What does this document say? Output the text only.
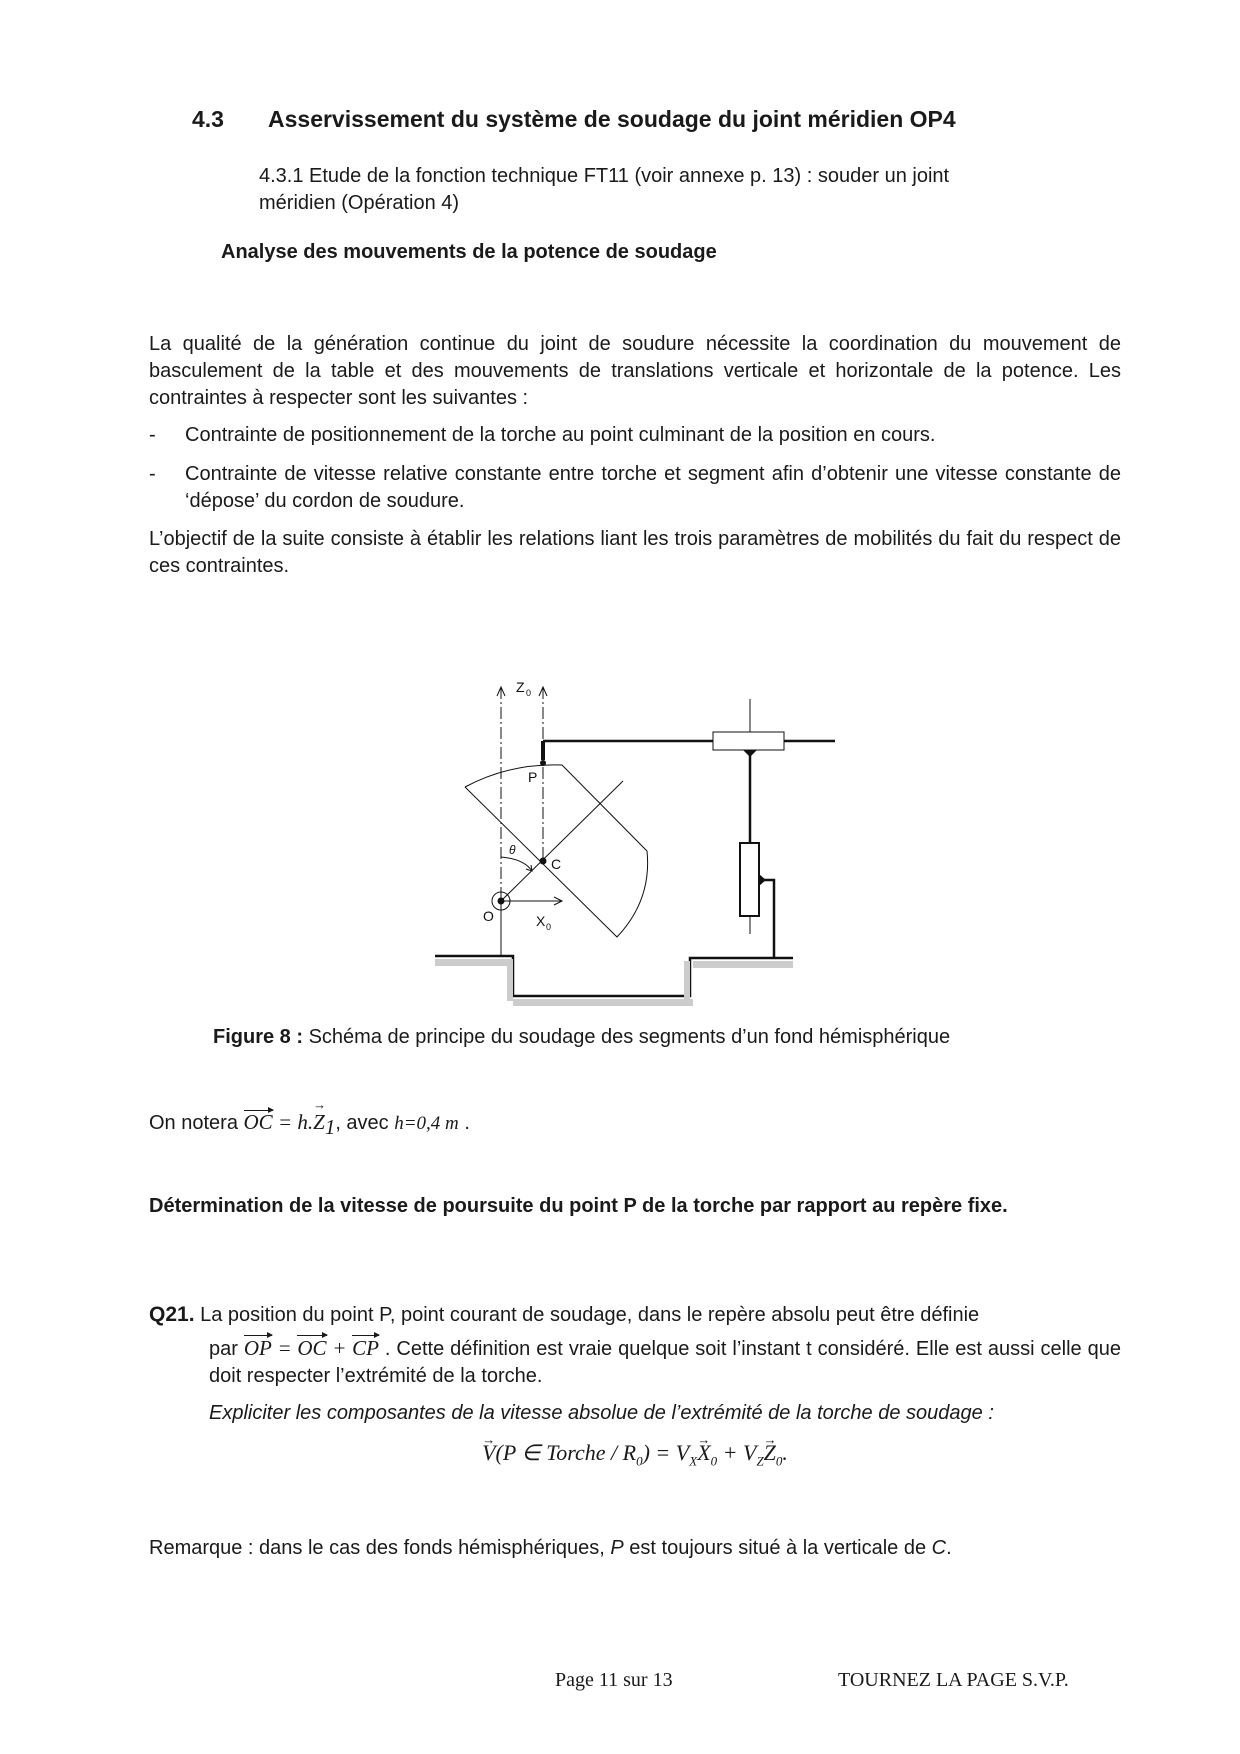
4.3 Asservissement du système de soudage du joint méridien OP4
4.3.1 Etude de la fonction technique FT11 (voir annexe p. 13) : souder un joint
méridien (Opération 4)
Analyse des mouvements de la potence de soudage
La qualité de la génération continue du joint de soudure nécessite la coordination du mouvement de basculement de la table et des mouvements de translations verticale et horizontale de la potence. Les contraintes à respecter sont les suivantes :
-	Contrainte de positionnement de la torche au point culminant de la position en cours.
-	Contrainte de vitesse relative constante entre torche et segment afin d’obtenir une vitesse constante de ‘dépose’ du cordon de soudure.
L’objectif de la suite consiste à établir les relations liant les trois paramètres de mobilités du fait du respect de ces contraintes.
Z 0
X 0
P
C
O
θ
Figure 8 : Schéma de principe du soudage des segments d’un fond hémisphérique
On notera OC = $h.Z \to_1$, avec h=0,4 m .
Détermination de la vitesse de poursuite du point P de la torche par rapport au repère fixe.
Q21. La position du point P, point courant de soudage, dans le repère absolu peut être définie
par OP = OC + CP . Cette définition est vraie quelque soit l’instant t considéré. Elle est aussi celle que doit respecter l’extrémité de la torche.
Expliciter les composantes de la vitesse absolue de l’extrémité de la torche de soudage :
V →(P ∈ Torche / $R_0) = V_XX \to_0 + V_ZZ \to_0$.
Remarque : dans le cas des fonds hémisphériques, P est toujours situé à la verticale de C.
Page 11 sur 13	TOURNEZ LA PAGE S.V.P.
